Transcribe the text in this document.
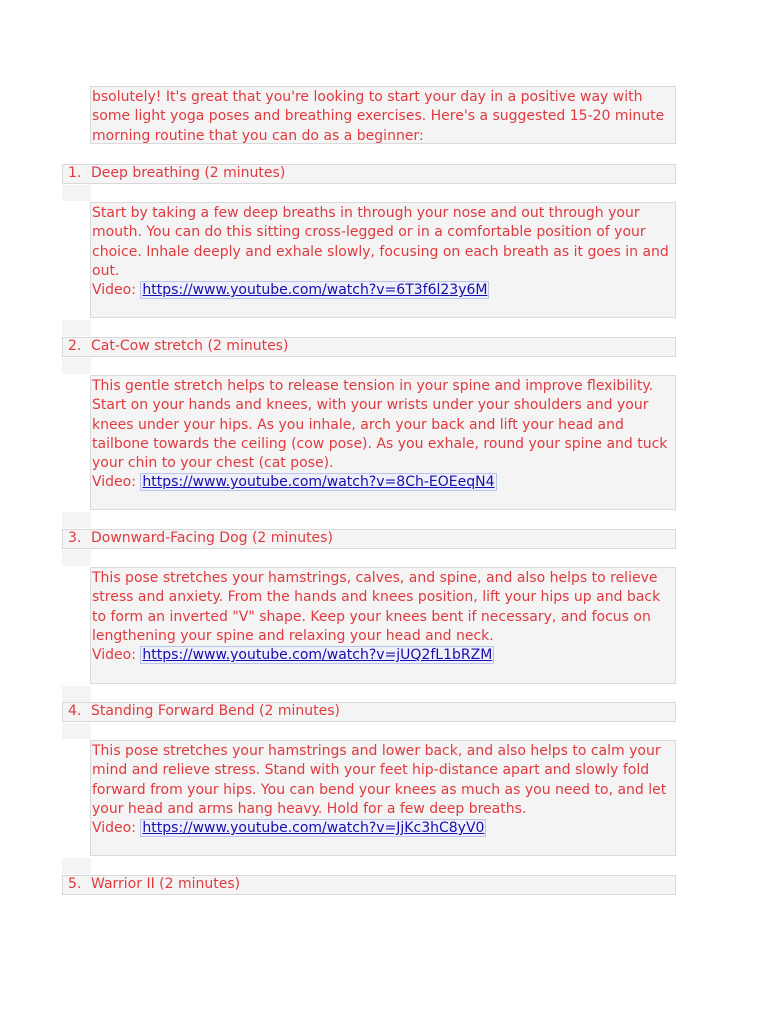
bsolutely! It's great that you're looking to start your day in a positive way with some light yoga poses and breathing exercises. Here's a suggested 15-20 minute morning routine that you can do as a beginner:
1. Deep breathing (2 minutes)

Start by taking a few deep breaths in through your nose and out through your mouth. You can do this sitting cross-legged or in a comfortable position of your choice. Inhale deeply and exhale slowly, focusing on each breath as it goes in and out.

Video: https://www.youtube.com/watch?v=6T3f6l23y6M

2. Cat-Cow stretch (2 minutes)

This gentle stretch helps to release tension in your spine and improve flexibility. Start on your hands and knees, with your wrists under your shoulders and your knees under your hips. As you inhale, arch your back and lift your head and tailbone towards the ceiling (cow pose). As you exhale, round your spine and tuck your chin to your chest (cat pose).

Video: https://www.youtube.com/watch?v=8Ch-EOEeqN4

3. Downward-Facing Dog (2 minutes)

This pose stretches your hamstrings, calves, and spine, and also helps to relieve stress and anxiety. From the hands and knees position, lift your hips up and back to form an inverted "V" shape. Keep your knees bent if necessary, and focus on lengthening your spine and relaxing your head and neck.

Video: https://www.youtube.com/watch?v=jUQ2fL1bRZM

4. Standing Forward Bend (2 minutes)

This pose stretches your hamstrings and lower back, and also helps to calm your mind and relieve stress. Stand with your feet hip-distance apart and slowly fold forward from your hips. You can bend your knees as much as you need to, and let your head and arms hang heavy. Hold for a few deep breaths.

Video: https://www.youtube.com/watch?v=JjKc3hC8yV0

5. Warrior II (2 minutes)
